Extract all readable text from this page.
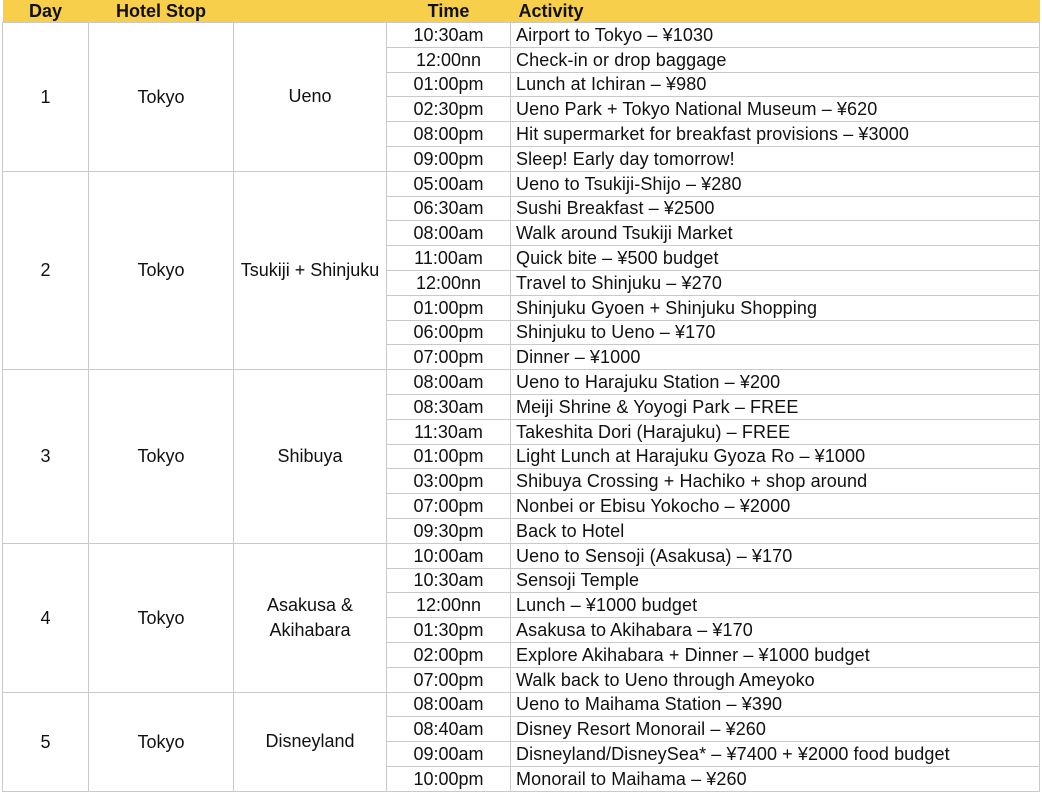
Day	Hotel Stop		Time	Activity
1	Tokyo	Ueno	10:30am	Airport to Tokyo – ¥1030
			12:00nn	Check-in or drop baggage
			01:00pm	Lunch at Ichiran – ¥980
			02:30pm	Ueno Park + Tokyo National Museum – ¥620
			08:00pm	Hit supermarket for breakfast provisions – ¥3000
			09:00pm	Sleep! Early day tomorrow!
2	Tokyo	Tsukiji + Shinjuku	05:00am	Ueno to Tsukiji-Shijo – ¥280
			06:30am	Sushi Breakfast – ¥2500
			08:00am	Walk around Tsukiji Market
			11:00am	Quick bite – ¥500 budget
			12:00nn	Travel to Shinjuku – ¥270
			01:00pm	Shinjuku Gyoen + Shinjuku Shopping
			06:00pm	Shinjuku to Ueno – ¥170
			07:00pm	Dinner – ¥1000
3	Tokyo	Shibuya	08:00am	Ueno to Harajuku Station – ¥200
			08:30am	Meiji Shrine & Yoyogi Park – FREE
			11:30am	Takeshita Dori (Harajuku) – FREE
			01:00pm	Light Lunch at Harajuku Gyoza Ro – ¥1000
			03:00pm	Shibuya Crossing + Hachiko + shop around
			07:00pm	Nonbei or Ebisu Yokocho – ¥2000
			09:30pm	Back to Hotel
4	Tokyo	Asakusa & Akihabara	10:00am	Ueno to Sensoji (Asakusa) – ¥170
			10:30am	Sensoji Temple
			12:00nn	Lunch – ¥1000 budget
			01:30pm	Asakusa to Akihabara – ¥170
			02:00pm	Explore Akihabara + Dinner – ¥1000 budget
			07:00pm	Walk back to Ueno through Ameyoko
5	Tokyo	Disneyland	08:00am	Ueno to Maihama Station – ¥390
			08:40am	Disney Resort Monorail – ¥260
			09:00am	Disneyland/DisneySea* – ¥7400 + ¥2000 food budget
			10:00pm	Monorail to Maihama – ¥260
